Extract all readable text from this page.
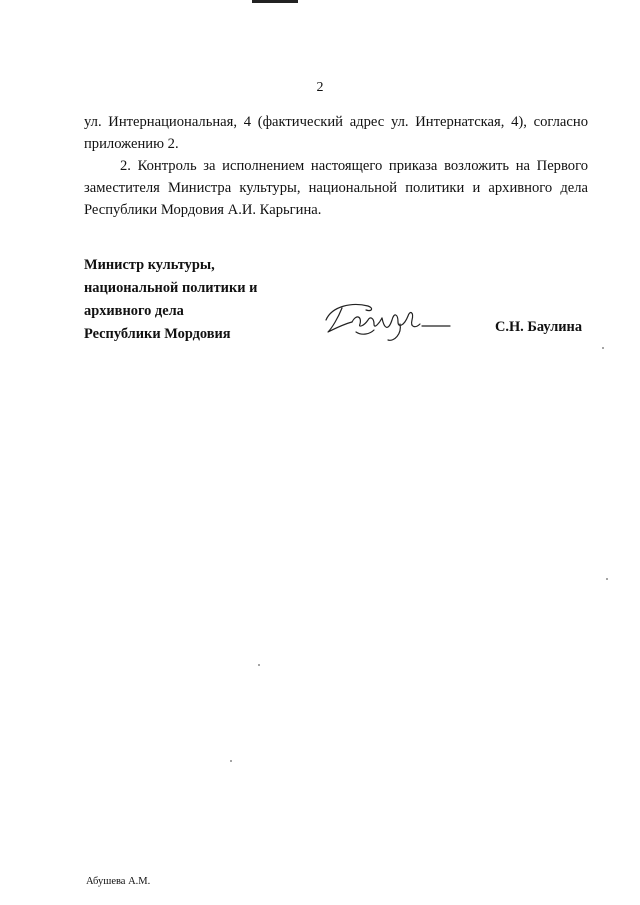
2

ул. Интернациональная, 4 (фактический адрес ул. Интернатская, 4), согласно приложению 2.

2. Контроль за исполнением настоящего приказа возложить на Первого заместителя Министра культуры, национальной политики и архивного дела Республики Мордовия А.И. Карьгина.

Министр культуры,
национальной политики и
архивного дела
Республики Мордовия	С.Н. Баулина
Абушева А.М.
